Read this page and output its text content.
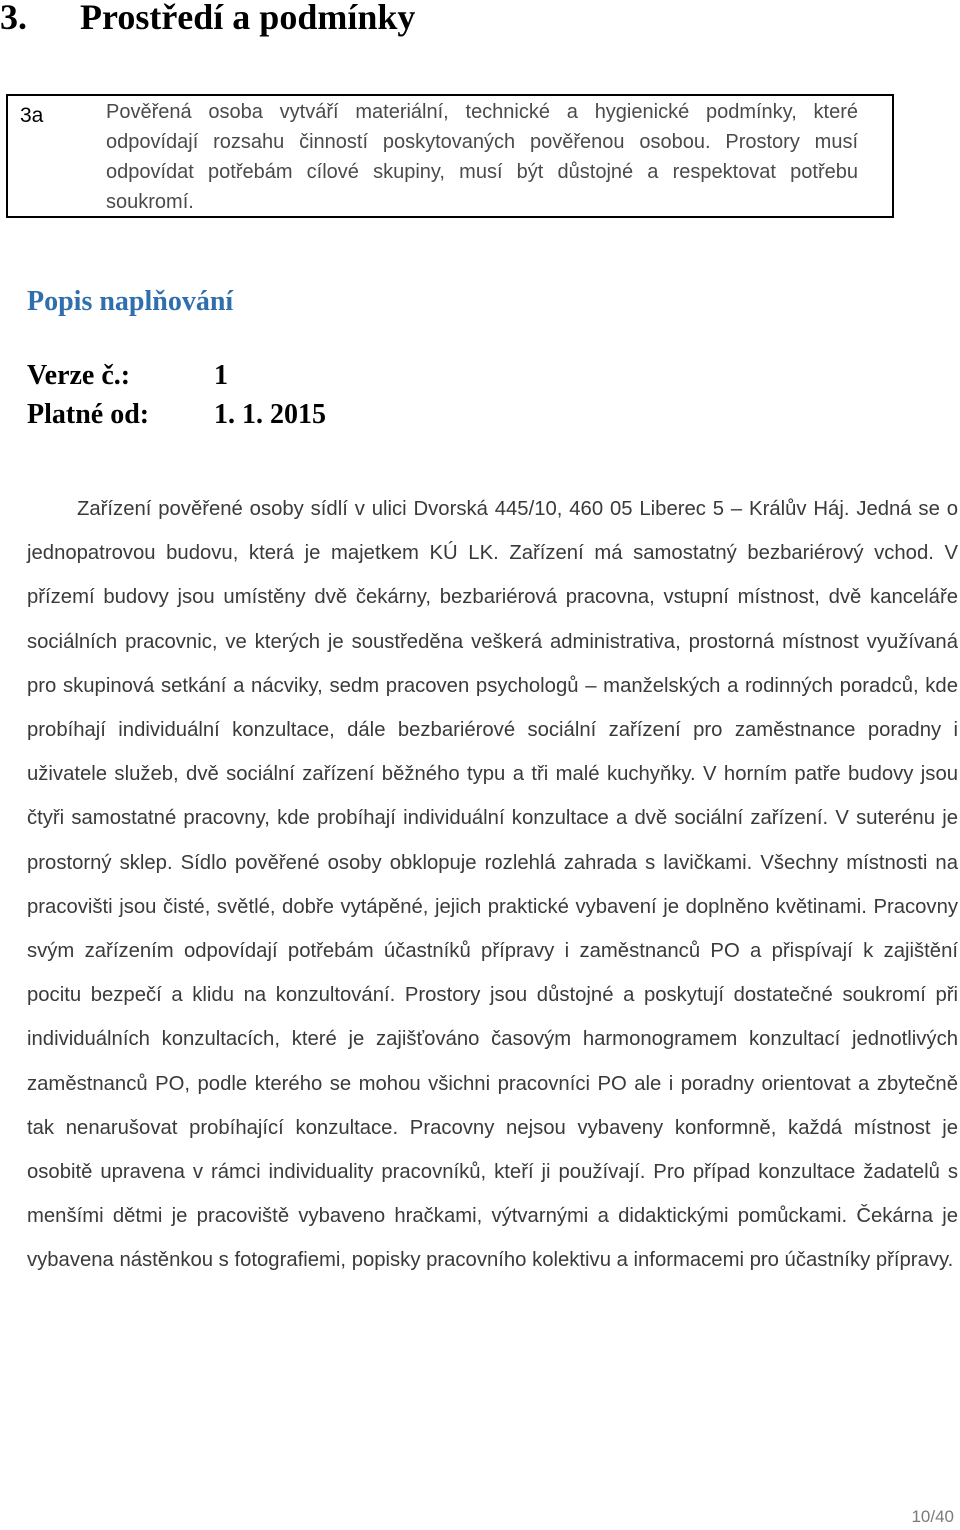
3. Prostředí a podmínky
3a	Pověřená osoba vytváří materiální, technické a hygienické podmínky, které odpovídají rozsahu činností poskytovaných pověřenou osobou. Prostory musí odpovídat potřebám cílové skupiny, musí být důstojné a respektovat potřebu soukromí.
Popis naplňování
Verze č.:	1
Platné od: 1. 1. 2015

Zařízení pověřené osoby sídlí v ulici Dvorská 445/10, 460 05 Liberec 5 – Králův Háj. Jedná se o jednopatrovou budovu, která je majetkem KÚ LK. Zařízení má samostatný bezbariérový vchod. V přízemí budovy jsou umístěny dvě čekárny, bezbariérová pracovna, vstupní místnost, dvě kanceláře sociálních pracovnic, ve kterých je soustředěna veškerá administrativa, prostorná místnost využívaná pro skupinová setkání a nácviky, sedm pracoven psychologů – manželských a rodinných poradců, kde probíhají individuální konzultace, dále bezbariérové sociální zařízení pro zaměstnance poradny i uživatele služeb, dvě sociální zařízení běžného typu a tři malé kuchyňky. V horním patře budovy jsou čtyři samostatné pracovny, kde probíhají individuální konzultace a dvě sociální zařízení. V suterénu je prostorný sklep. Sídlo pověřené osoby obklopuje rozlehlá zahrada s lavičkami. Všechny místnosti na pracovišti jsou čisté, světlé, dobře vytápěné, jejich praktické vybavení je doplněno květinami. Pracovny svým zařízením odpovídají potřebám účastníků přípravy i zaměstnanců PO a přispívají k zajištění pocitu bezpečí a klidu na konzultování. Prostory jsou důstojné a poskytují dostatečné soukromí při individuálních konzultacích, které je zajišťováno časovým harmonogramem konzultací jednotlivých zaměstnanců PO, podle kterého se mohou všichni pracovníci PO ale i poradny orientovat a zbytečně tak nenarušovat probíhající konzultace. Pracovny nejsou vybaveny konformně, každá místnost je osobitě upravena v rámci individuality pracovníků, kteří ji používají. Pro případ konzultace žadatelů s menšími dětmi je pracoviště vybaveno hračkami, výtvarnými a didaktickými pomůckami. Čekárna je vybavena nástěnkou s fotografiemi, popisky pracovního kolektivu a informacemi pro účastníky přípravy.

10/40
